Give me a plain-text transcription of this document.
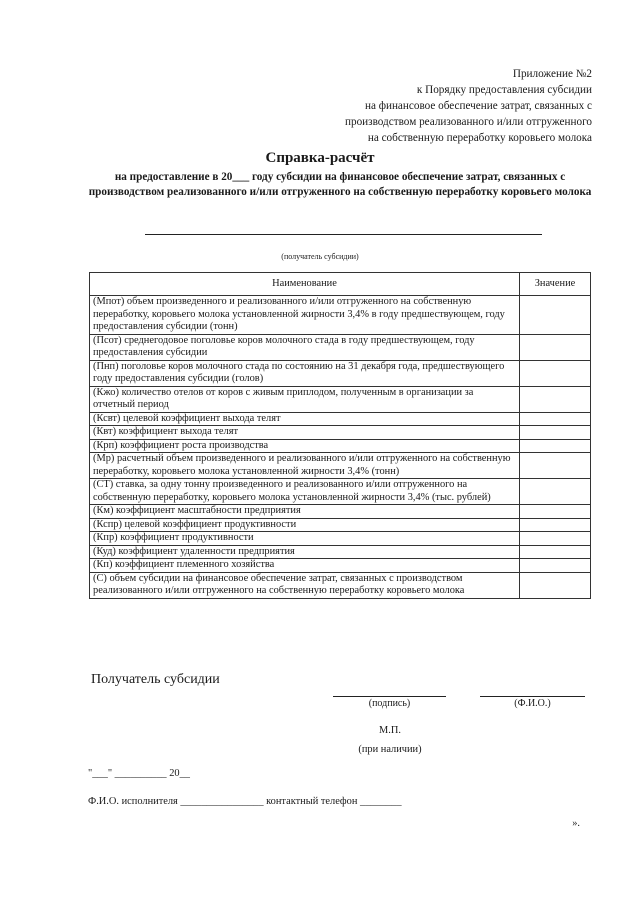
Приложение №2
к Порядку предоставления субсидии
на финансовое обеспечение затрат, связанных с
производством реализованного и/или отгруженного
на собственную переработку коровьего молока
Справка-расчёт
на предоставление в 20___ году субсидии на финансовое обеспечение затрат, связанных с производством реализованного и/или отгруженного на собственную переработку коровьего молока
(получатель субсидии)
Наименование	Значение
(Мпот) объем произведенного и реализованного и/или отгруженного на собственную переработку, коровьего молока установленной жирности 3,4% в году предшествующем, году предоставления субсидии (тонн)	
(Псот) среднегодовое поголовье коров молочного стада в году предшествующем, году предоставления субсидии	
(Пнп) поголовье коров молочного стада по состоянию на 31 декабря года, предшествующего году предоставления субсидии (голов)	
(Кжо) количество отелов от коров с живым приплодом, полученным в организации за отчетный период	
(Ксвт) целевой коэффициент выхода телят	
(Квт) коэффициент выхода телят	
(Крп) коэффициент роста производства	
(Мр) расчетный объем произведенного и реализованного и/или отгруженного на собственную переработку, коровьего молока установленной жирности 3,4% (тонн)	
(СТ) ставка, за одну тонну произведенного и реализованного и/или отгруженного на собственную переработку, коровьего молока установленной жирности 3,4% (тыс. рублей)	
(Км) коэффициент масштабности предприятия	
(Кспр) целевой коэффициент продуктивности	
(Кпр) коэффициент продуктивности	
(Куд) коэффициент удаленности предприятия	
(Кп) коэффициент племенного хозяйства	
(С) объем субсидии на финансовое обеспечение затрат, связанных с производством реализованного и/или отгруженного на собственную переработку коровьего молока	
Получатель субсидии
(подпись)	(Ф.И.О.)
М.П.
(при наличии)
"___" __________ 20__
Ф.И.О. исполнителя ________________ контактный телефон ________
».
